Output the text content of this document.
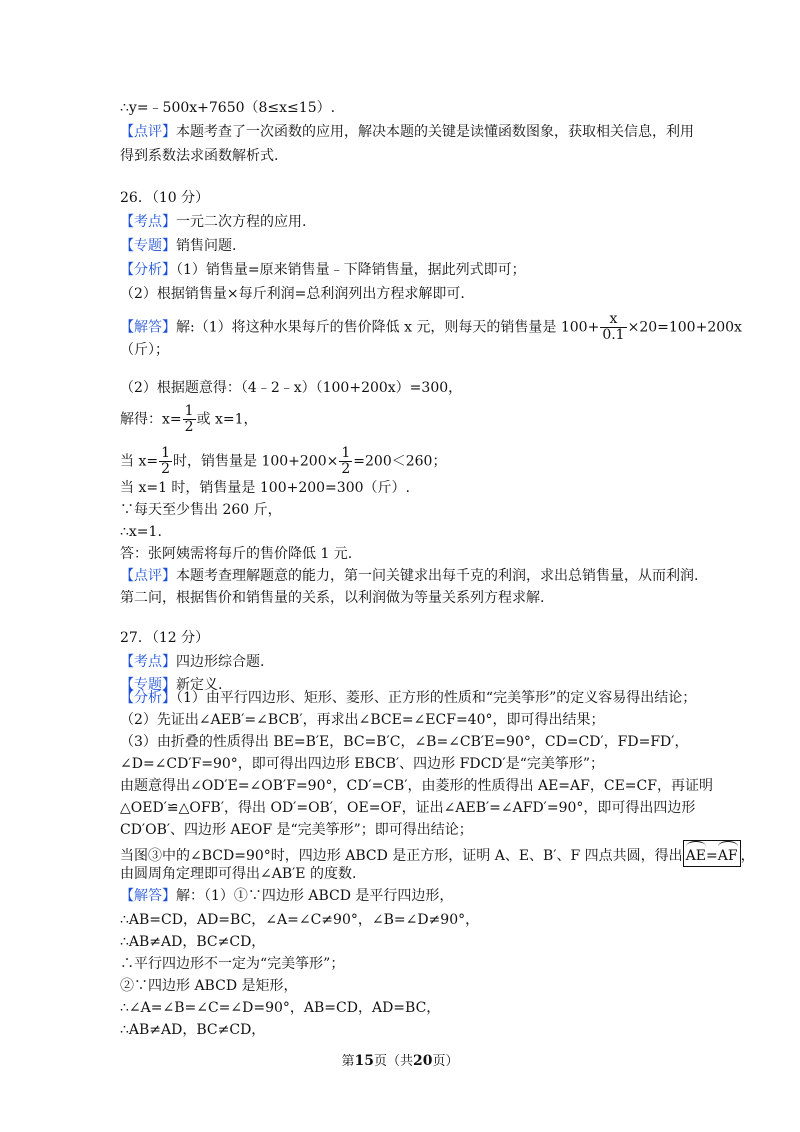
∴y=﹣500x+7650（8≤x≤15）.
【点评】本题考查了一次函数的应用，解决本题的关键是读懂函数图象，获取相关信息，利用
得到系数法求函数解析式.
26．（10 分）
【考点】一元二次方程的应用.
【专题】销售问题.
【分析】（1）销售量=原来销售量﹣下降销售量，据此列式即可；
（2）根据销售量×每斤利润=总利润列出方程求解即可.
【解答】解:（1）将这种水果每斤的售价降低 x 元，则每天的销售量是 $100+ \frac{x}{0.1} \times 20=100+200x$
（斤）；
（2）根据题意得：（4﹣2﹣x）（100+200x）=300，
解得：$x= \frac{1}{2}$ 或 x=1，
当 $x= \frac{1}{2}$ 时，销售量是 $100+200\times \frac{1}{2} =200<260$；
当 x=1 时，销售量是 100+200=300（斤）.
∵每天至少售出 260 斤，
∴x=1.
答：张阿姨需将每斤的售价降低 1 元.
【点评】本题考查理解题意的能力，第一问关键求出每千克的利润，求出总销售量，从而利润.
第二问，根据售价和销售量的关系，以利润做为等量关系列方程求解.
27．（12 分）
【考点】四边形综合题.
【专题】新定义.
【分析】（1）由平行四边形、矩形、菱形、正方形的性质和“完美筝形”的定义容易得出结论；
（2）先证出∠AEB′=∠BCB′，再求出∠BCE=∠ECF=40°，即可得出结果；
（3）由折叠的性质得出 BE=B′E，BC=B′C，∠B=∠CB′E=90°，CD=CD′，FD=FD′，
∠D=∠CD′F=90°，即可得出四边形 EBCB′、四边形 FDCD′是“完美筝形”；
由题意得出∠OD′E=∠OB′F=90°，CD′=CB′，由菱形的性质得出 AE=AF，CE=CF，再证明
△OED′≌△OFB′，得出 OD′=OB′，OE=OF，证出∠AEB′=∠AFD′=90°，即可得出四边形
CD′OB′、四边形 AEOF 是“完美筝形”；即可得出结论；
当图③中的∠BCD=90°时，四边形 ABCD 是正方形，证明 A、E、B′、F 四点共圆，得出 AE=AF ，
由圆周角定理即可得出∠AB′E 的度数.
【解答】解：（1）①∵四边形 ABCD 是平行四边形，
∴AB=CD，AD=BC，∠A=∠C≠90°，∠B=∠D≠90°，
∴AB≠AD，BC≠CD，
∴平行四边形不一定为“完美筝形”；
②∵四边形 ABCD 是矩形，
∴∠A=∠B=∠C=∠D=90°，AB=CD，AD=BC，
∴AB≠AD，BC≠CD，
第15页（共20页）
